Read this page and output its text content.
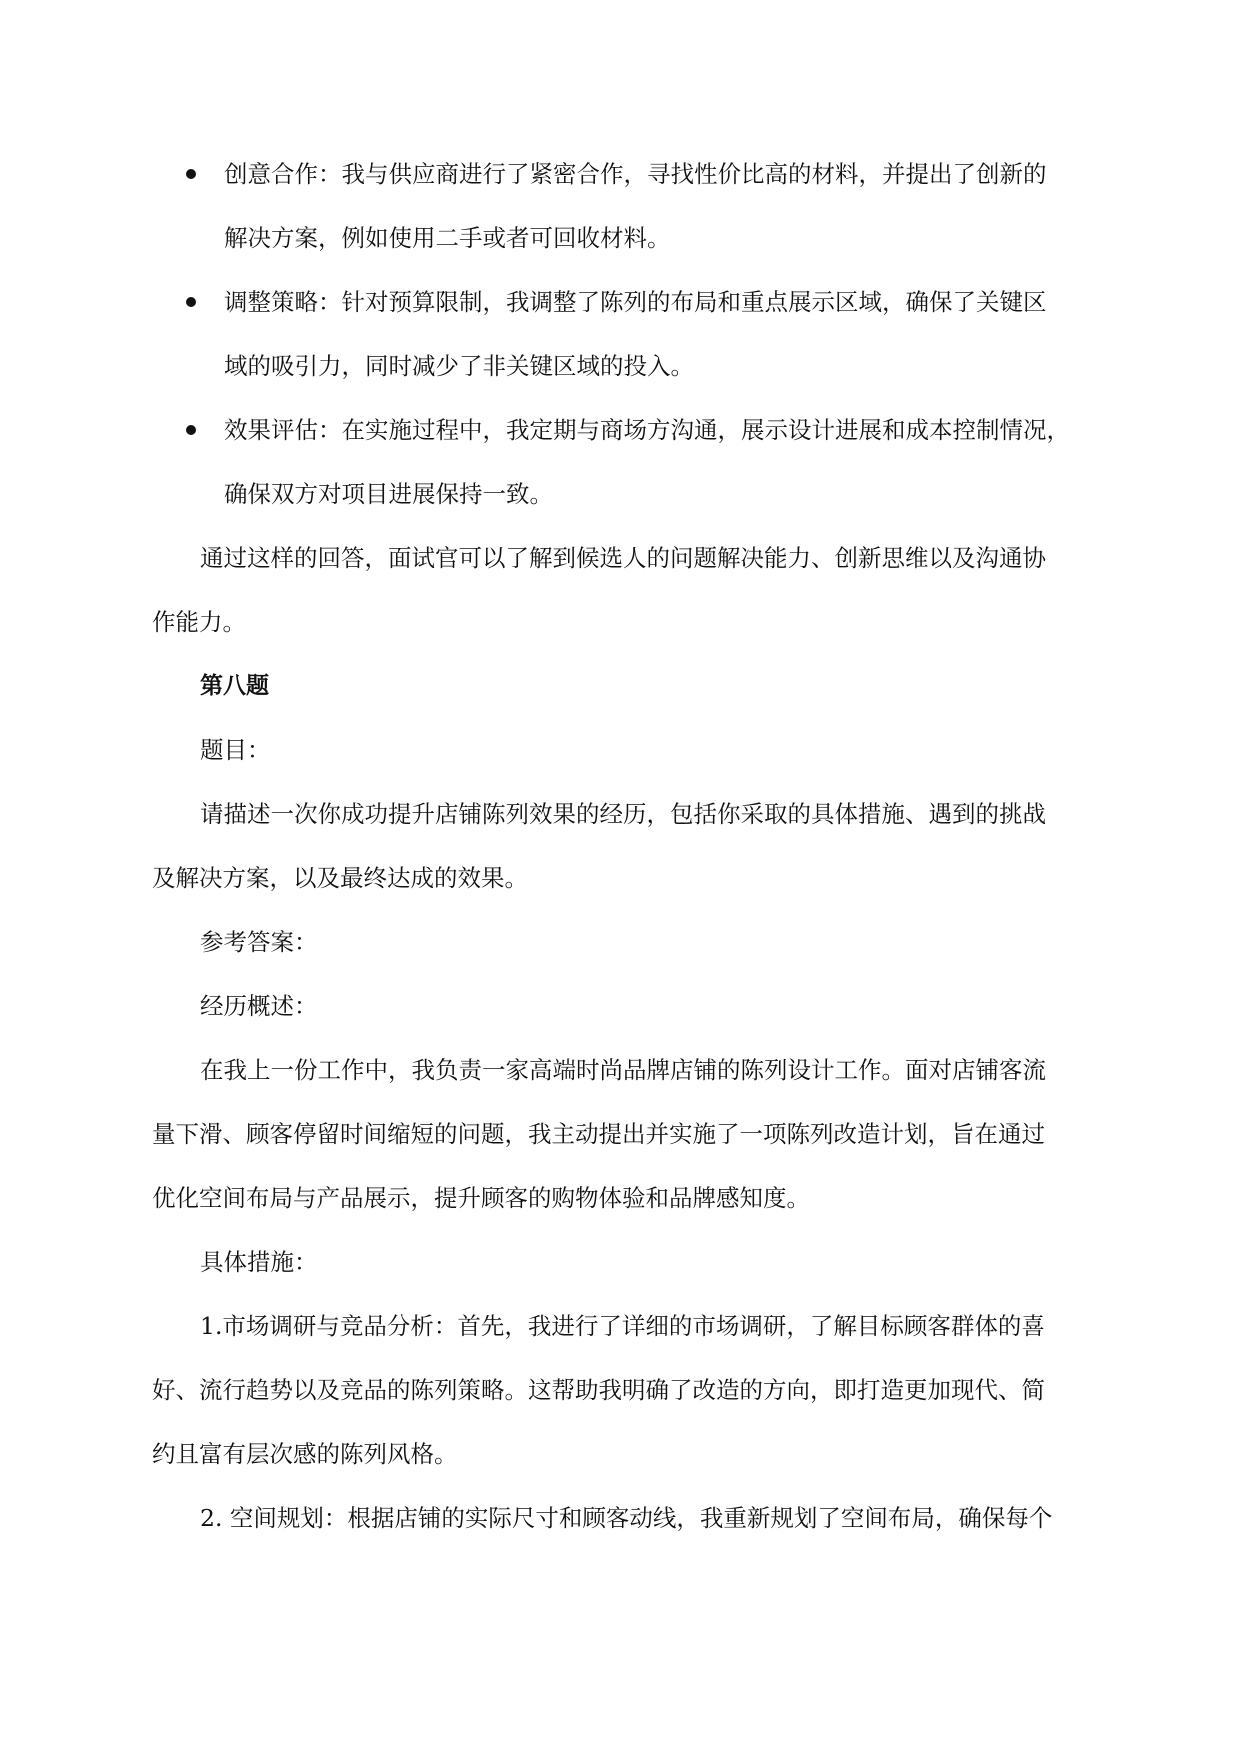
创意合作：我与供应商进行了紧密合作，寻找性价比高的材料，并提出了创新的
解决方案，例如使用二手或者可回收材料。
调整策略：针对预算限制，我调整了陈列的布局和重点展示区域，确保了关键区
域的吸引力，同时减少了非关键区域的投入。
效果评估：在实施过程中，我定期与商场方沟通，展示设计进展和成本控制情况，
确保双方对项目进展保持一致。

通过这样的回答，面试官可以了解到候选人的问题解决能力、创新思维以及沟通协
作能力。

第八题

题目：

请描述一次你成功提升店铺陈列效果的经历，包括你采取的具体措施、遇到的挑战
及解决方案，以及最终达成的效果。

参考答案：

经历概述：

在我上一份工作中，我负责一家高端时尚品牌店铺的陈列设计工作。面对店铺客流
量下滑、顾客停留时间缩短的问题，我主动提出并实施了一项陈列改造计划，旨在通过
优化空间布局与产品展示，提升顾客的购物体验和品牌感知度。

具体措施：

1.市场调研与竞品分析：首先，我进行了详细的市场调研，了解目标顾客群体的喜
好、流行趋势以及竞品的陈列策略。这帮助我明确了改造的方向，即打造更加现代、简
约且富有层次感的陈列风格。

2. 空间规划：根据店铺的实际尺寸和顾客动线，我重新规划了空间布局，确保每个
